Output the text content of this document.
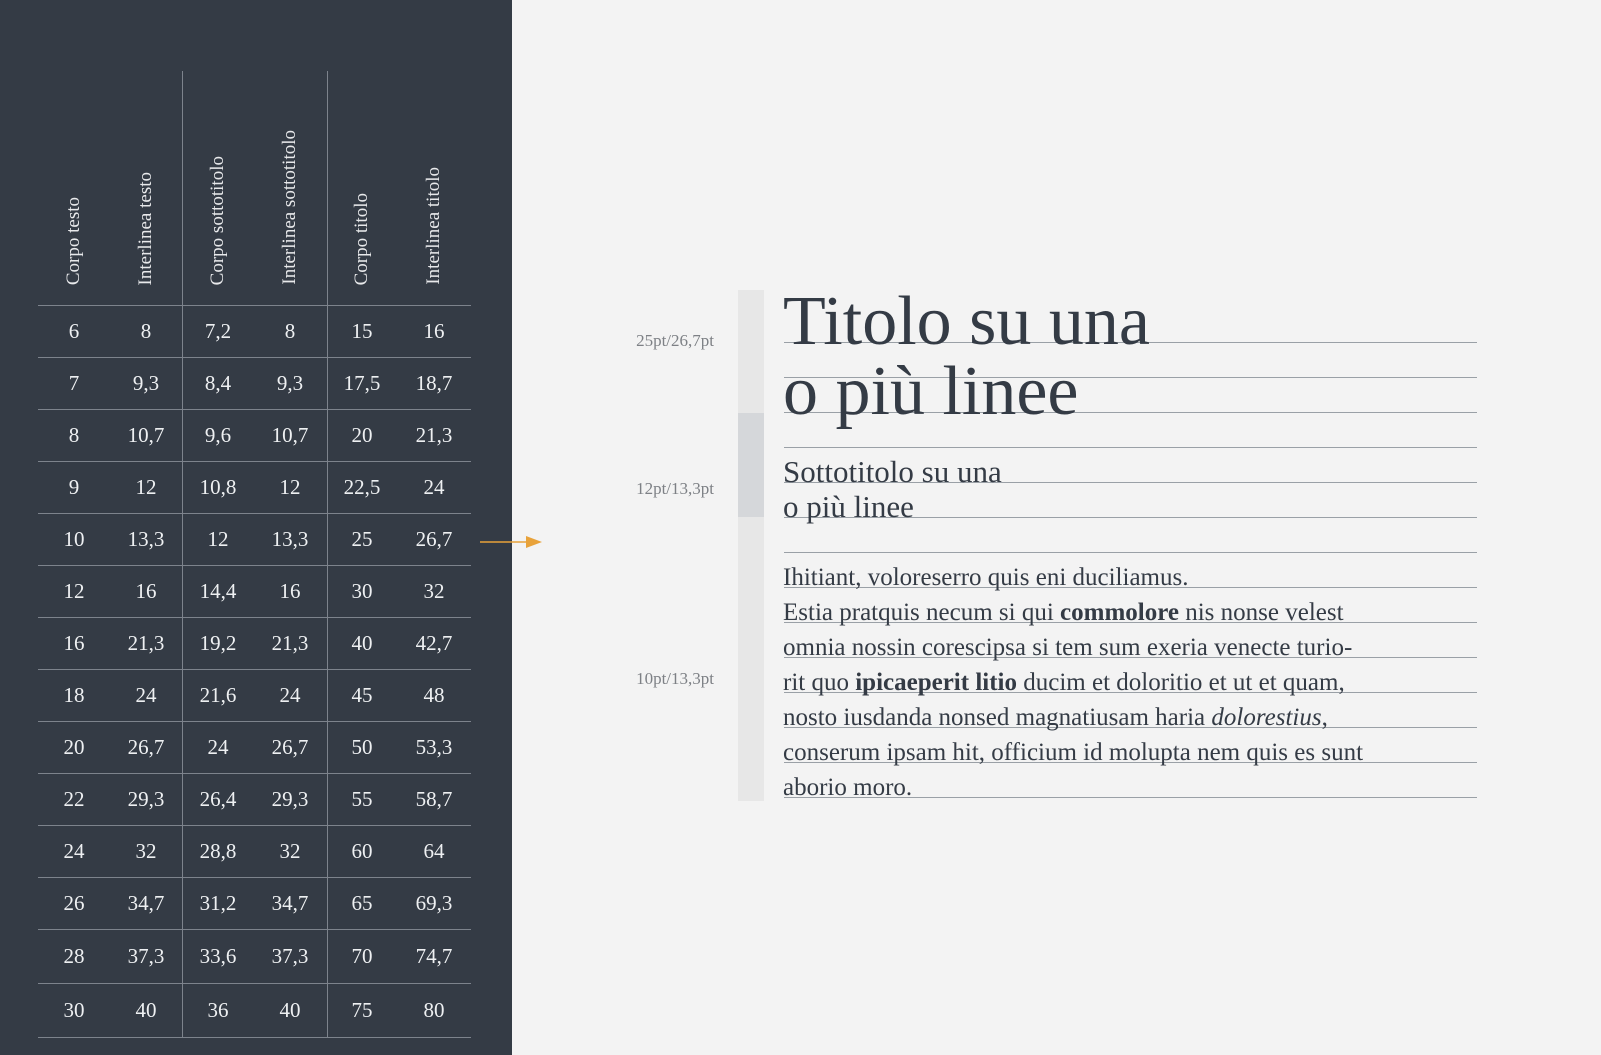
Corpo testo	Interlinea testo	Corpo sottotitolo	Interlinea sottotitolo	Corpo titolo	Interlinea titolo
6	8	7,2	8	15	16
7	9,3	8,4	9,3	17,5	18,7
8	10,7	9,6	10,7	20	21,3
9	12	10,8	12	22,5	24
10	13,3	12	13,3	25	26,7
12	16	14,4	16	30	32
16	21,3	19,2	21,3	40	42,7
18	24	21,6	24	45	48
20	26,7	24	26,7	50	53,3
22	29,3	26,4	29,3	55	58,7
24	32	28,8	32	60	64
26	34,7	31,2	34,7	65	69,3
28	37,3	33,6	37,3	70	74,7
30	40	36	40	75	80
25pt/26,7pt
12pt/13,3pt
10pt/13,3pt
Titolo su una
o più linee
Sottotitolo su una
o più linee
Ihitiant, voloreserro quis eni duciliamus.
Estia pratquis necum si qui commolore nis nonse velest
omnia nossin corescipsa si tem sum exeria venecte turio-
rit quo ipicaeperit litio ducim et doloritio et ut et quam,
nosto iusdanda nonsed magnatiusam haria dolorestius,
conserum ipsam hit, officium id molupta nem quis es sunt
aborio moro.
